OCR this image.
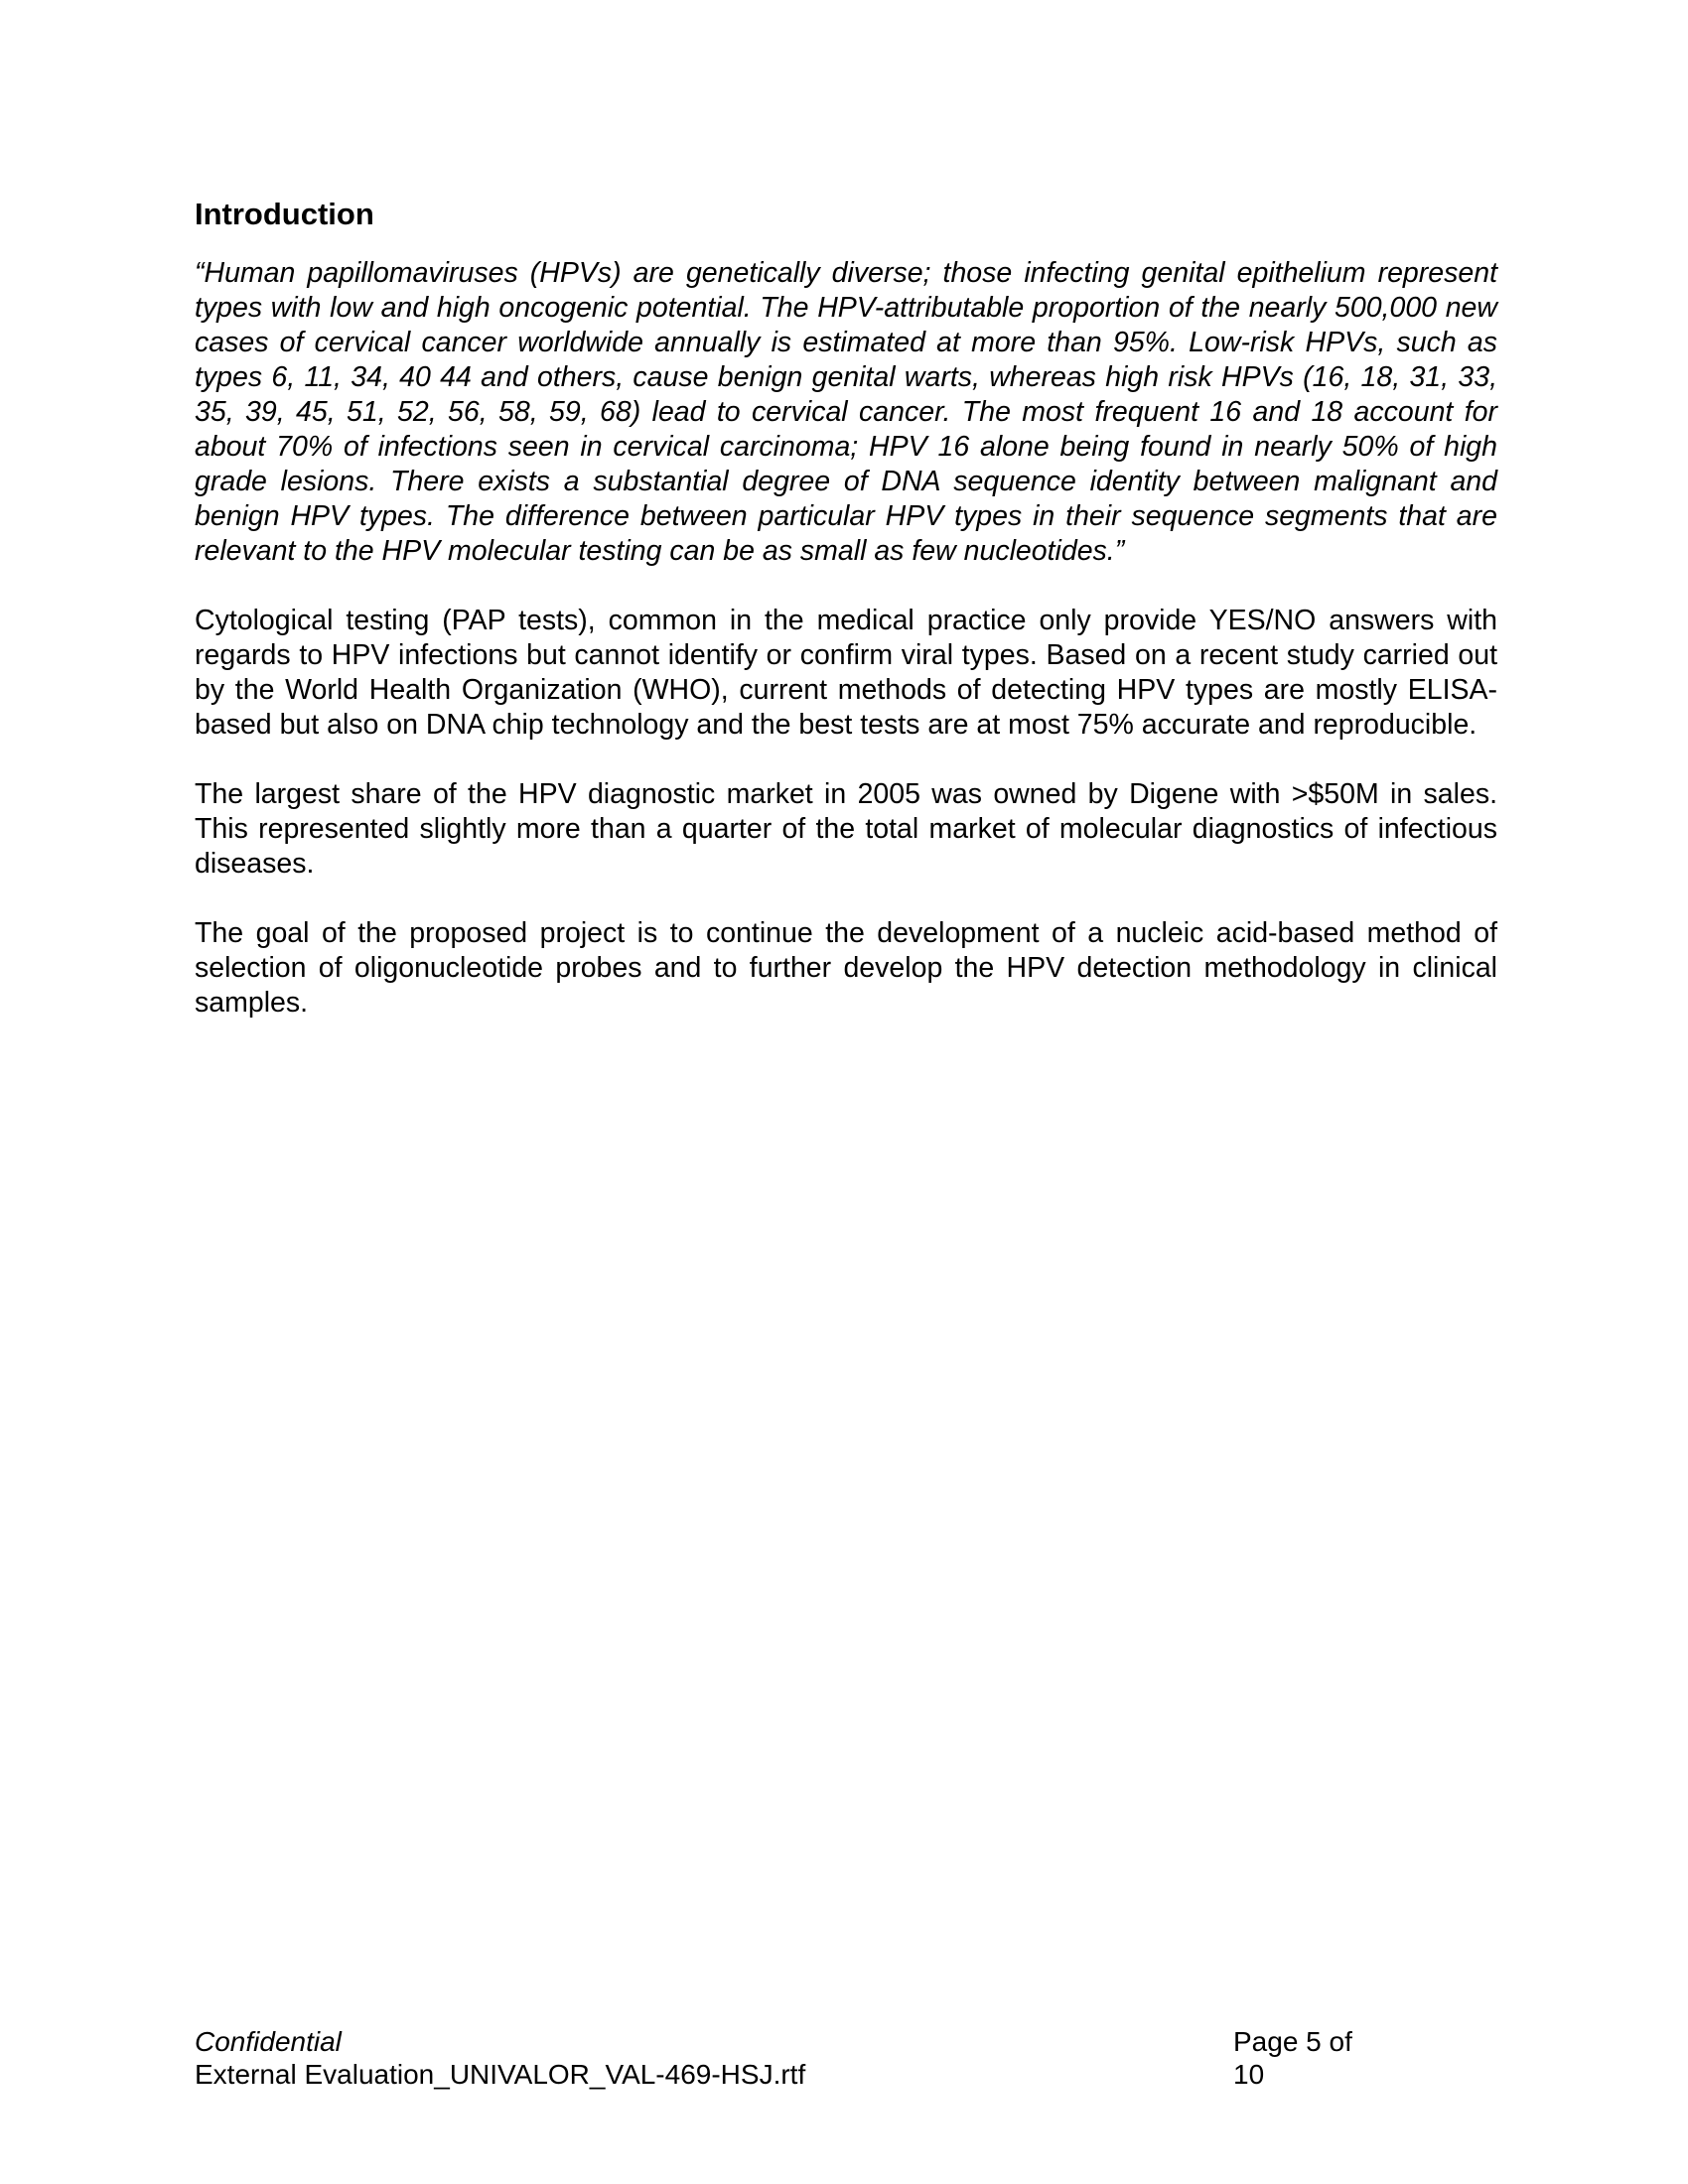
Introduction

“Human papillomaviruses (HPVs) are genetically diverse; those infecting genital epithelium represent types with low and high oncogenic potential. The HPV-attributable proportion of the nearly 500,000 new cases of cervical cancer worldwide annually is estimated at more than 95%. Low-risk HPVs, such as types 6, 11, 34, 40 44 and others, cause benign genital warts, whereas high risk HPVs (16, 18, 31, 33, 35, 39, 45, 51, 52, 56, 58, 59, 68) lead to cervical cancer. The most frequent 16 and 18 account for about 70% of infections seen in cervical carcinoma; HPV 16 alone being found in nearly 50% of high grade lesions. There exists a substantial degree of DNA sequence identity between malignant and benign HPV types. The difference between particular HPV types in their sequence segments that are relevant to the HPV molecular testing can be as small as few nucleotides.”

Cytological testing (PAP tests), common in the medical practice only provide YES/NO answers with regards to HPV infections but cannot identify or confirm viral types. Based on a recent study carried out by the World Health Organization (WHO), current methods of detecting HPV types are mostly ELISA-based but also on DNA chip technology and the best tests are at most 75% accurate and reproducible.

The largest share of the HPV diagnostic market in 2005 was owned by Digene with >$50M in sales. This represented slightly more than a quarter of the total market of molecular diagnostics of infectious diseases.

The goal of the proposed project is to continue the development of a nucleic acid-based method of selection of oligonucleotide probes and to further develop the HPV detection methodology in clinical samples.

Confidential	Page 5 of 10
External Evaluation_UNIVALOR_VAL-469-HSJ.rtf
